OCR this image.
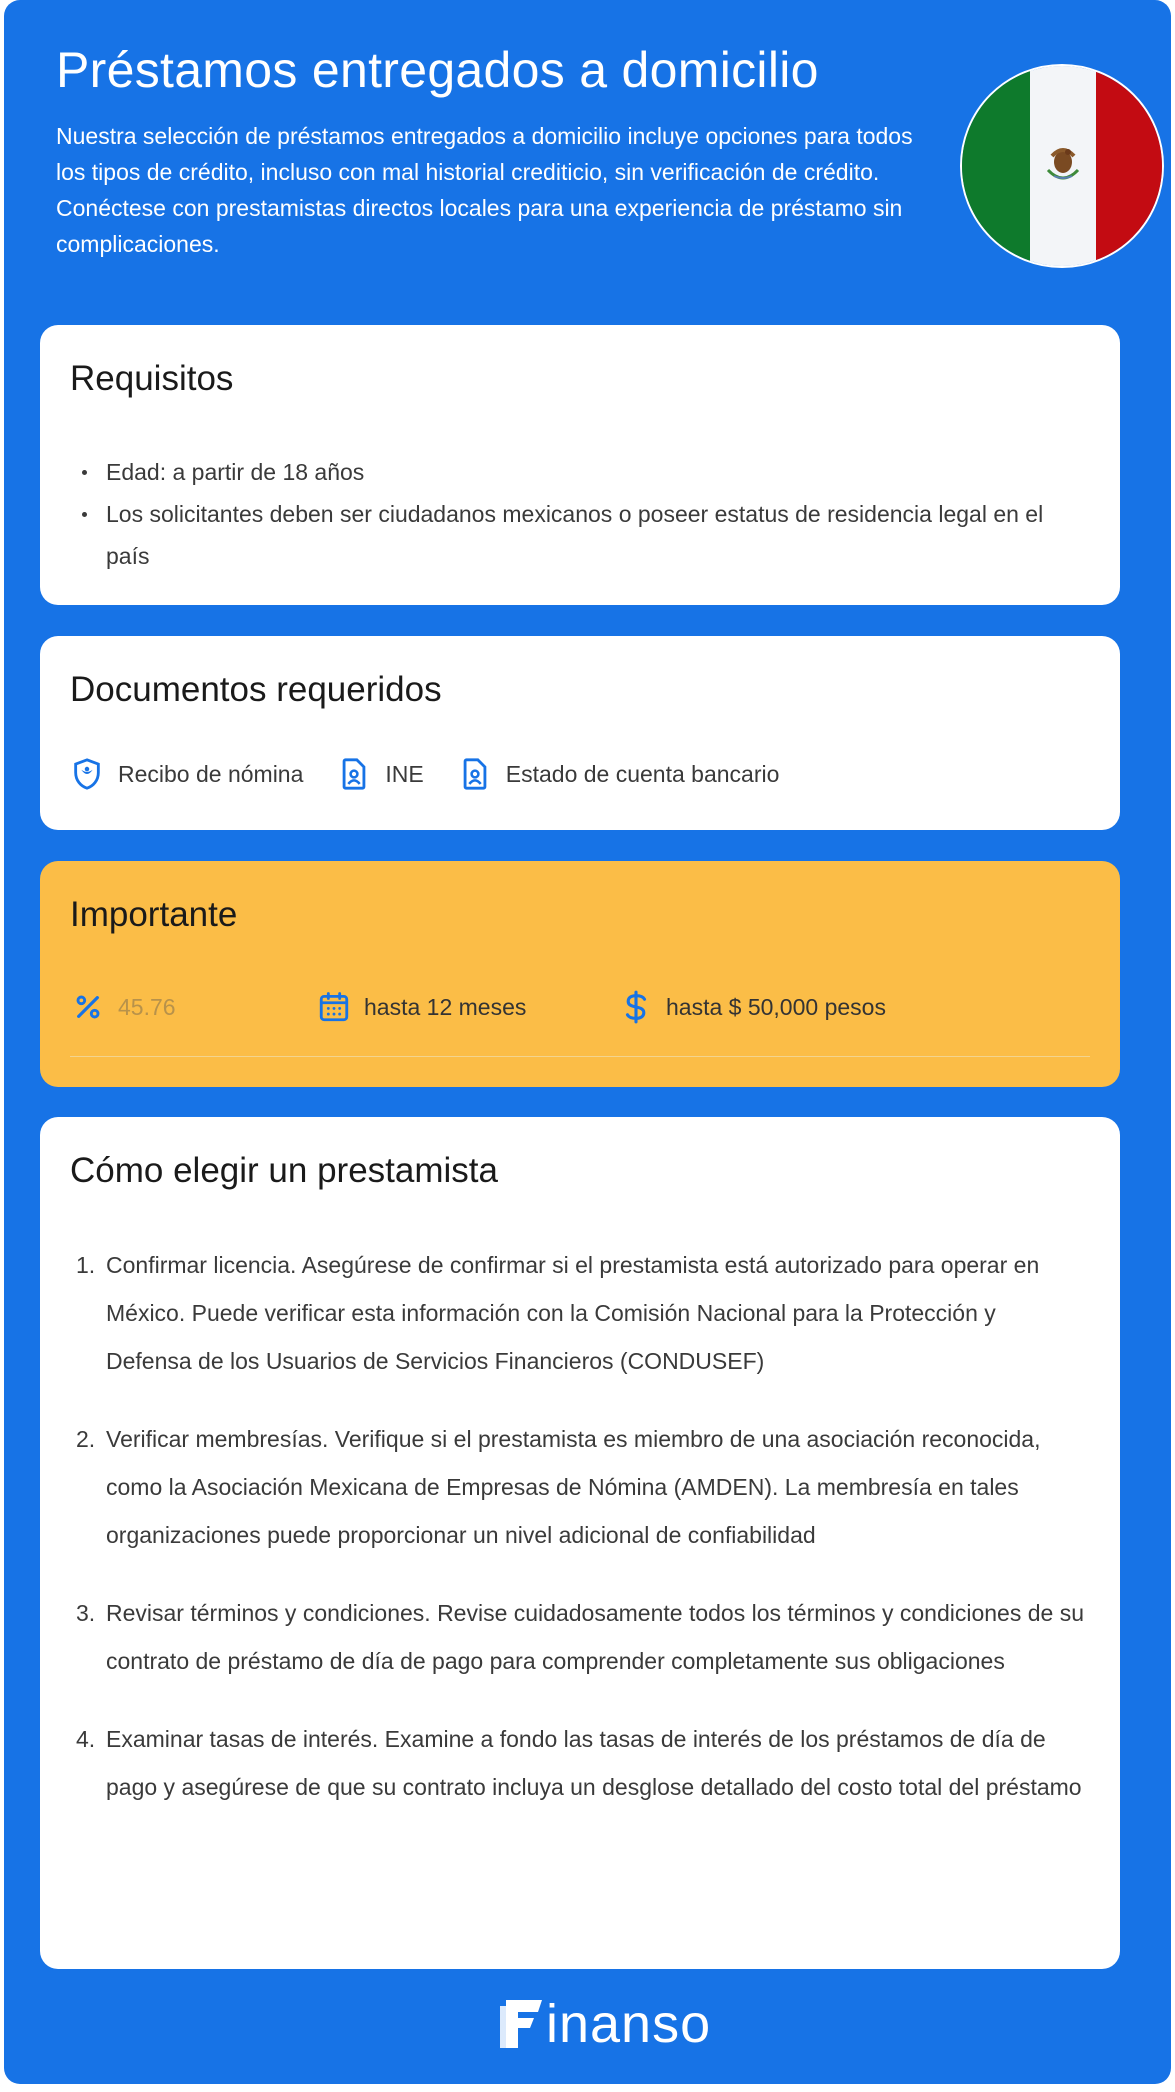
Préstamos entregados a domicilio

Nuestra selección de préstamos entregados a domicilio incluye opciones para todos los tipos de crédito, incluso con mal historial crediticio, sin verificación de crédito. Conéctese con prestamistas directos locales para una experiencia de préstamo sin complicaciones.

Requisitos
Edad: a partir de 18 años
Los solicitantes deben ser ciudadanos mexicanos o poseer estatus de residencia legal en el país
Documentos requeridos
Recibo de nómina	INE	Estado de cuenta bancario
Importante
45.76	hasta 12 meses	hasta $ 50,000 pesos
Cómo elegir un prestamista
1. Confirmar licencia. Asegúrese de confirmar si el prestamista está autorizado para operar en México. Puede verificar esta información con la Comisión Nacional para la Protección y Defensa de los Usuarios de Servicios Financieros (CONDUSEF)
2. Verificar membresías. Verifique si el prestamista es miembro de una asociación reconocida, como la Asociación Mexicana de Empresas de Nómina (AMDEN). La membresía en tales organizaciones puede proporcionar un nivel adicional de confiabilidad
3. Revisar términos y condiciones. Revise cuidadosamente todos los términos y condiciones de su contrato de préstamo de día de pago para comprender completamente sus obligaciones
4. Examinar tasas de interés. Examine a fondo las tasas de interés de los préstamos de día de pago y asegúrese de que su contrato incluya un desglose detallado del costo total del préstamo
inanso
